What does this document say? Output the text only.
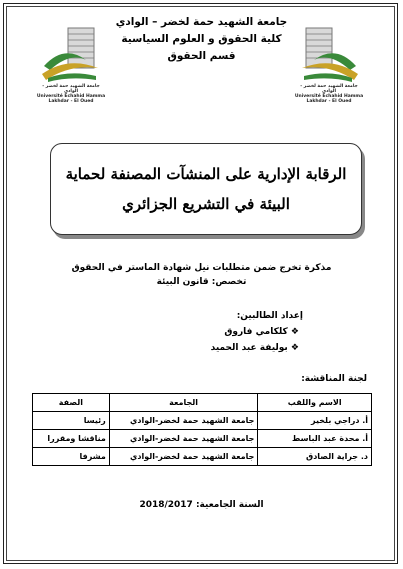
جامعة الشهيد حمة لخضر – الوادي
كلية الحقوق و العلوم السياسية
قسم الحقوق
جامعة الشهيد حمة لخضر - الوادي
Université Echahid Hamma Lakhdar - El Oued
جامعة الشهيد حمة لخضر - الوادي
Université Echahid Hamma Lakhdar - El Oued
الرقابة الإدارية على المنشآت المصنفة لحماية
البيئة في التشريع الجزائري
مذكرة تخرج ضمن متطلبات نيل شهادة الماستر في الحقوق
تخصص: قانون البيئة
إعداد الطالبين:
❖ كلكامي فاروق
❖ بوليفة عبد الحميد
لجنة المناقشة:
الاسم واللقب	الجامعة	الصفة
أ. دراجي بلخير	جامعة الشهيد حمة لخضر-الوادي	رئيسا
أ. محدة عبد الباسط	جامعة الشهيد حمة لخضر-الوادي	مناقشا ومقررا
د. جراية الصادق	جامعة الشهيد حمة لخضر-الوادي	مشرفا
السنة الجامعية: 2018/2017
